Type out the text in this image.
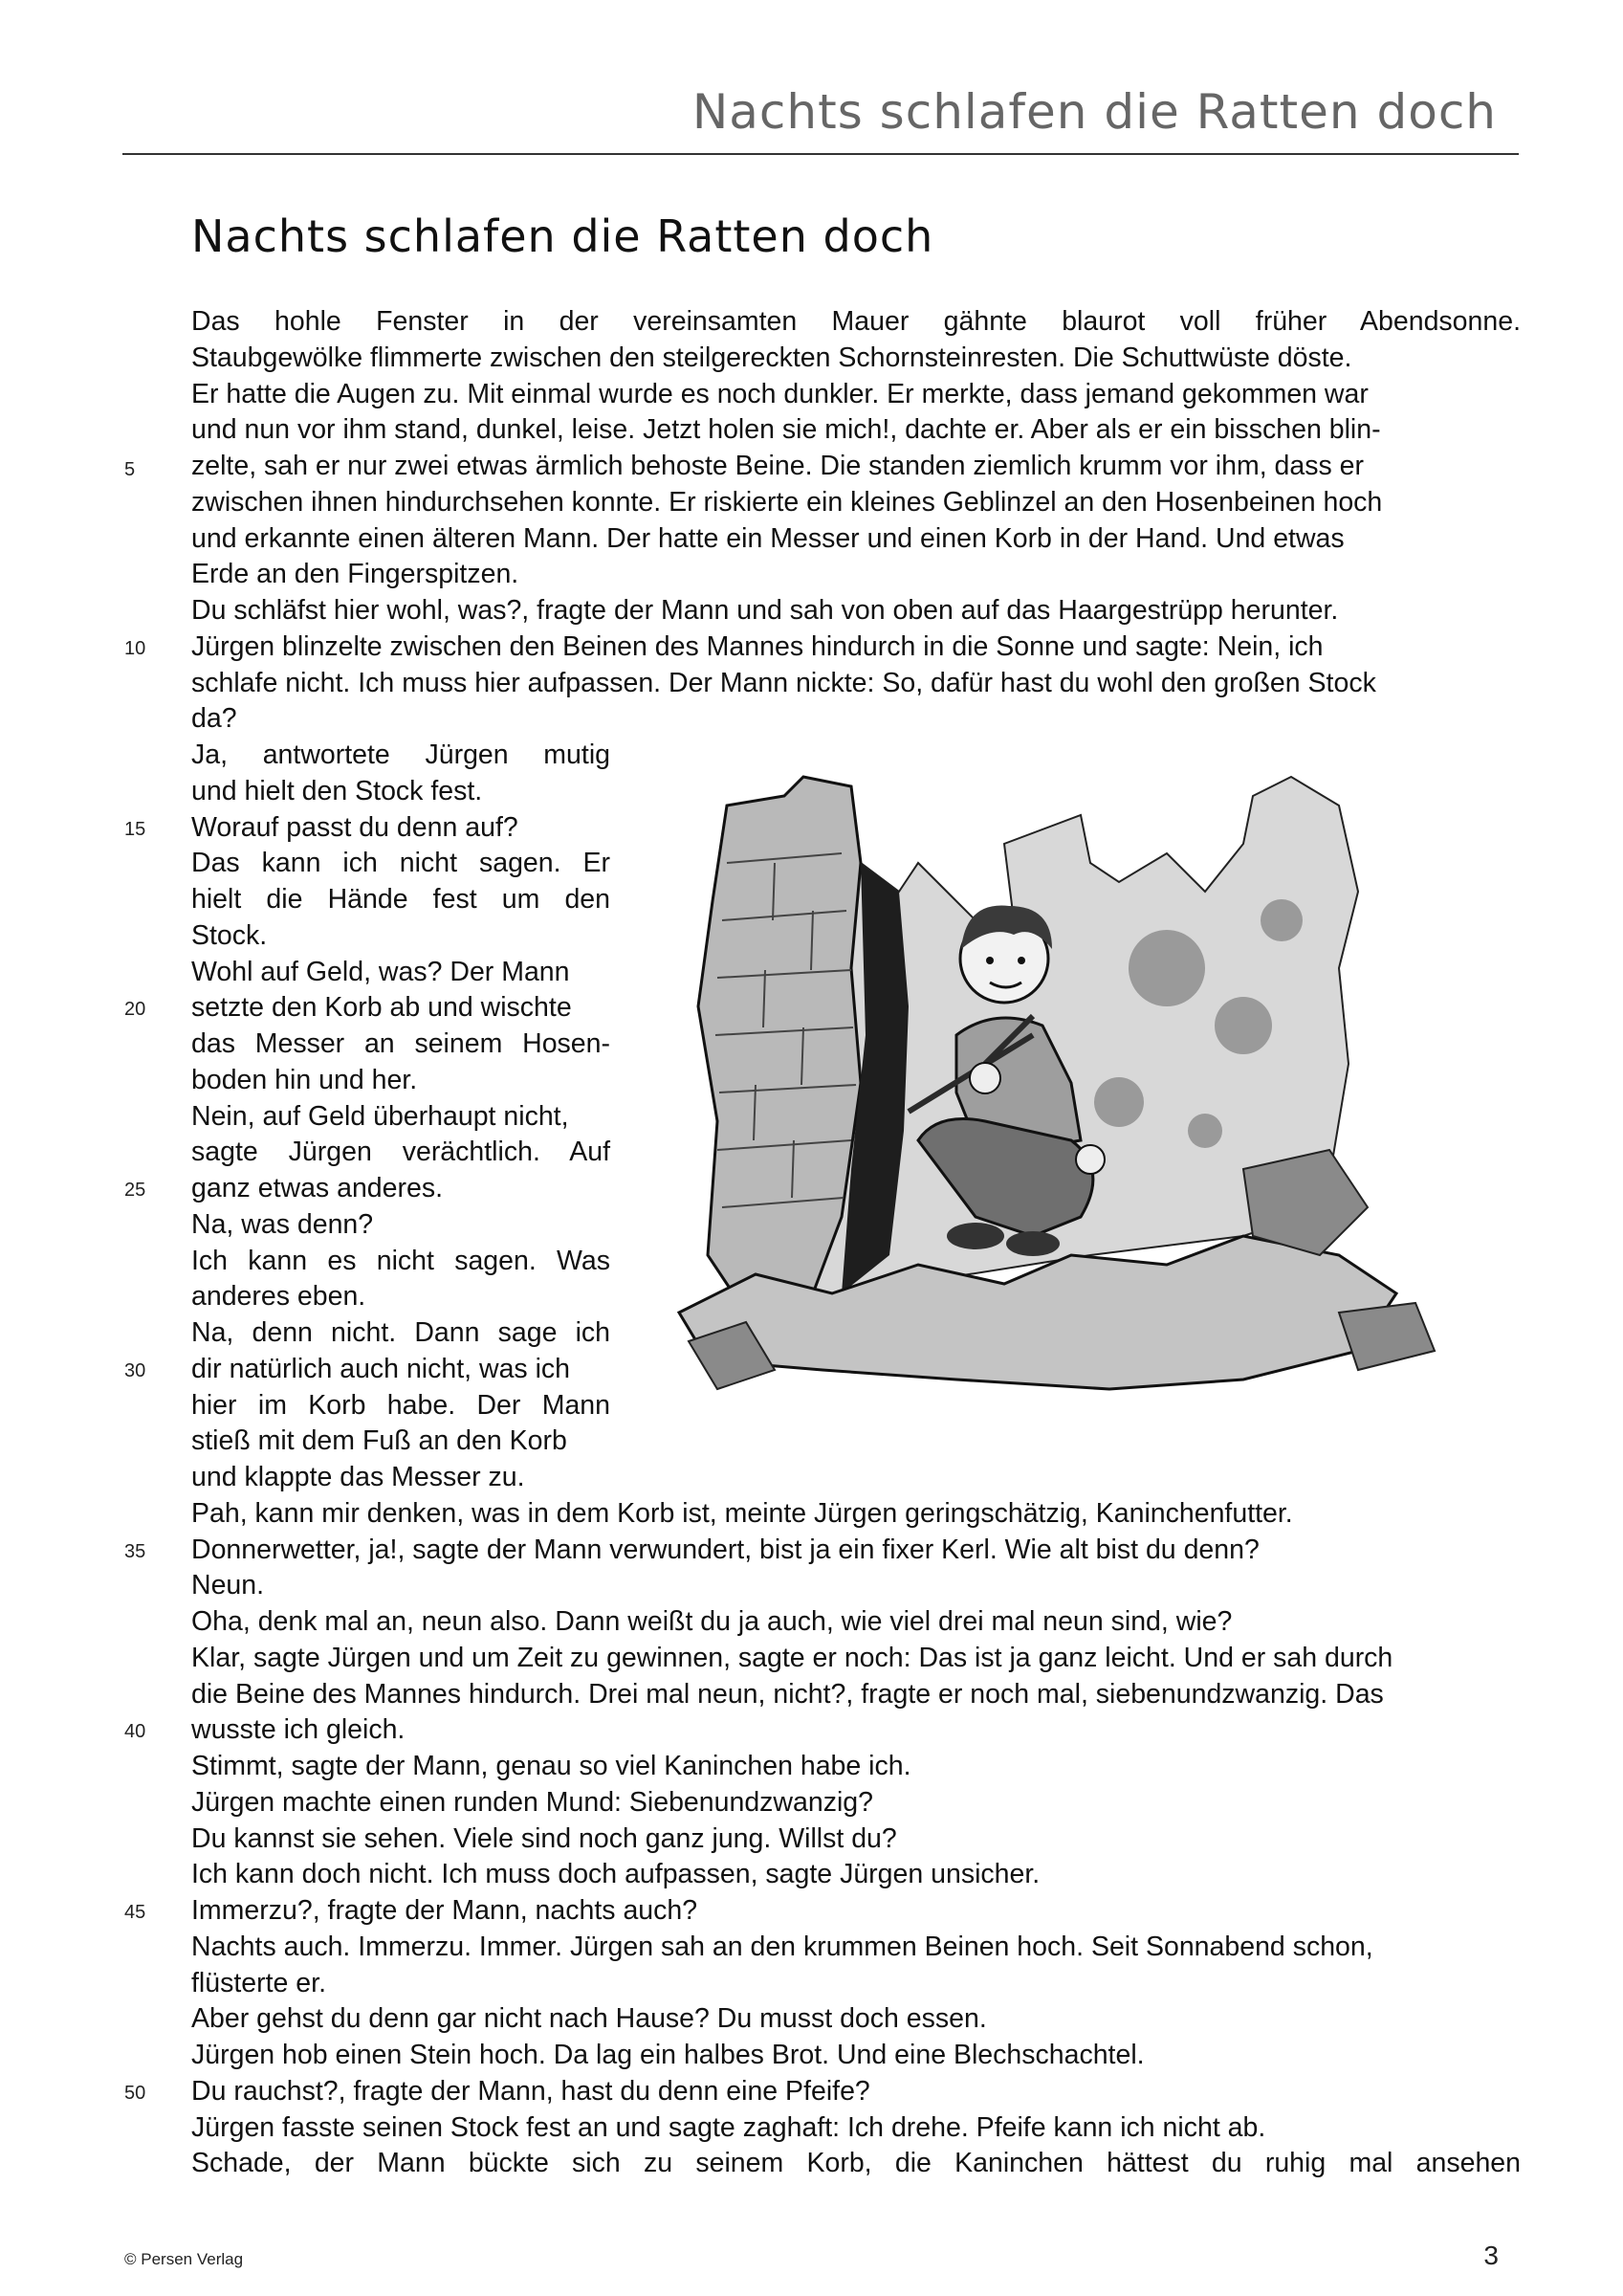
Nachts schlafen die Ratten doch
Nachts schlafen die Ratten doch
Das hohle Fenster in der vereinsamten Mauer gähnte blaurot voll früher Abendsonne.
Staubgewölke flimmerte zwischen den steilgereckten Schornsteinresten. Die Schuttwüste döste.
Er hatte die Augen zu. Mit einmal wurde es noch dunkler. Er merkte, dass jemand gekommen war
und nun vor ihm stand, dunkel, leise. Jetzt holen sie mich!, dachte er. Aber als er ein bisschen blin-
zelte, sah er nur zwei etwas ärmlich behoste Beine. Die standen ziemlich krumm vor ihm, dass er
zwischen ihnen hindurchsehen konnte. Er riskierte ein kleines Geblinzel an den Hosenbeinen hoch
und erkannte einen älteren Mann. Der hatte ein Messer und einen Korb in der Hand. Und etwas
Erde an den Fingerspitzen.
Du schläfst hier wohl, was?, fragte der Mann und sah von oben auf das Haargestrüpp herunter.
Jürgen blinzelte zwischen den Beinen des Mannes hindurch in die Sonne und sagte: Nein, ich
schlafe nicht. Ich muss hier aufpassen. Der Mann nickte: So, dafür hast du wohl den großen Stock
da?
Ja, antwortete Jürgen mutig
und hielt den Stock fest.
Worauf passt du denn auf?
Das kann ich nicht sagen. Er
hielt die Hände fest um den
Stock.
Wohl auf Geld, was? Der Mann
setzte den Korb ab und wischte
das Messer an seinem Hosen-
boden hin und her.
Nein, auf Geld überhaupt nicht,
sagte Jürgen verächtlich. Auf
ganz etwas anderes.
Na, was denn?
Ich kann es nicht sagen. Was
anderes eben.
Na, denn nicht. Dann sage ich
dir natürlich auch nicht, was ich
hier im Korb habe. Der Mann
stieß mit dem Fuß an den Korb
und klappte das Messer zu.
Pah, kann mir denken, was in dem Korb ist, meinte Jürgen geringschätzig, Kaninchenfutter.
Donnerwetter, ja!, sagte der Mann verwundert, bist ja ein fixer Kerl. Wie alt bist du denn?
Neun.
Oha, denk mal an, neun also. Dann weißt du ja auch, wie viel drei mal neun sind, wie?
Klar, sagte Jürgen und um Zeit zu gewinnen, sagte er noch: Das ist ja ganz leicht. Und er sah durch
die Beine des Mannes hindurch. Drei mal neun, nicht?, fragte er noch mal, siebenundzwanzig. Das
wusste ich gleich.
Stimmt, sagte der Mann, genau so viel Kaninchen habe ich.
Jürgen machte einen runden Mund: Siebenundzwanzig?
Du kannst sie sehen. Viele sind noch ganz jung. Willst du?
Ich kann doch nicht. Ich muss doch aufpassen, sagte Jürgen unsicher.
Immerzu?, fragte der Mann, nachts auch?
Nachts auch. Immerzu. Immer. Jürgen sah an den krummen Beinen hoch. Seit Sonnabend schon,
flüsterte er.
Aber gehst du denn gar nicht nach Hause? Du musst doch essen.
Jürgen hob einen Stein hoch. Da lag ein halbes Brot. Und eine Blechschachtel.
Du rauchst?, fragte der Mann, hast du denn eine Pfeife?
Jürgen fasste seinen Stock fest an und sagte zaghaft: Ich drehe. Pfeife kann ich nicht ab.
Schade, der Mann bückte sich zu seinem Korb, die Kaninchen hättest du ruhig mal ansehen
5
10
15
20
25
30
35
40
45
50
© Persen Verlag	3
